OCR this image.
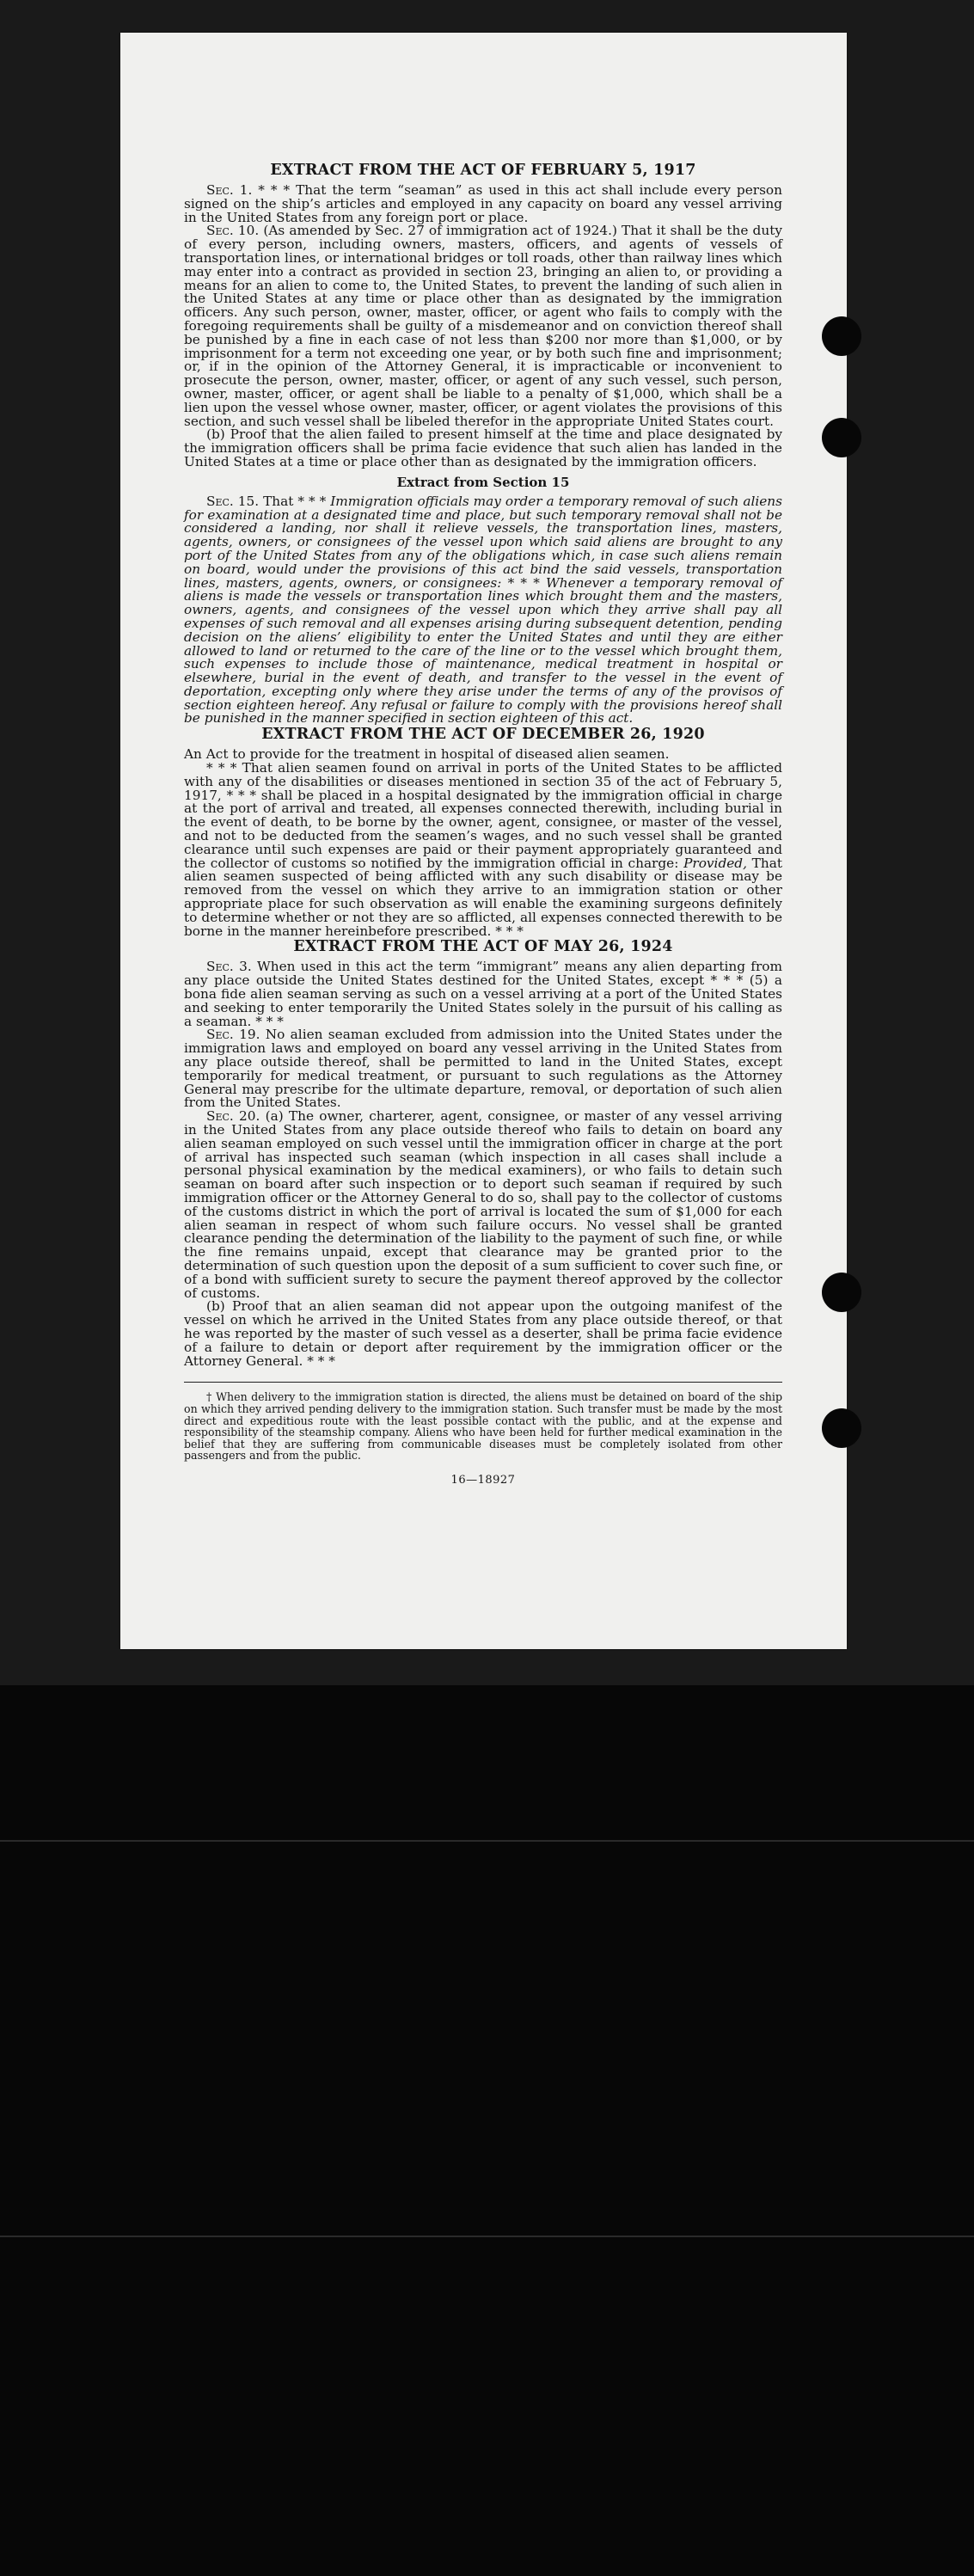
EXTRACT FROM THE ACT OF FEBRUARY 5, 1917

Sec. 1. * * * That the term “seaman” as used in this act shall include every person signed on the ship’s articles and employed in any capacity on board any vessel arriving in the United States from any foreign port or place.

Sec. 10. (As amended by Sec. 27 of immigration act of 1924.) That it shall be the duty of every person, including owners, masters, officers, and agents of vessels of transportation lines, or international bridges or toll roads, other than railway lines which may enter into a contract as provided in section 23, bringing an alien to, or providing a means for an alien to come to, the United States, to prevent the landing of such alien in the United States at any time or place other than as designated by the immigration officers. Any such person, owner, master, officer, or agent who fails to comply with the foregoing requirements shall be guilty of a misdemeanor and on conviction thereof shall be punished by a fine in each case of not less than $200 nor more than $1,000, or by imprisonment for a term not exceeding one year, or by both such fine and imprisonment; or, if in the opinion of the Attorney General, it is impracticable or inconvenient to prosecute the person, owner, master, officer, or agent of any such vessel, such person, owner, master, officer, or agent shall be liable to a penalty of $1,000, which shall be a lien upon the vessel whose owner, master, officer, or agent violates the provisions of this section, and such vessel shall be libeled therefor in the appropriate United States court.

(b) Proof that the alien failed to present himself at the time and place designated by the immigration officers shall be prima facie evidence that such alien has landed in the United States at a time or place other than as designated by the immigration officers.

Extract from Section 15

Sec. 15. That * * * Immigration officials may order a temporary removal of such aliens for examination at a designated time and place, but such temporary removal shall not be considered a landing, nor shall it relieve vessels, the transportation lines, masters, agents, owners, or consignees of the vessel upon which said aliens are brought to any port of the United States from any of the obligations which, in case such aliens remain on board, would under the provisions of this act bind the said vessels, transportation lines, masters, agents, owners, or consignees: * * * Whenever a temporary removal of aliens is made the vessels or transportation lines which brought them and the masters, owners, agents, and consignees of the vessel upon which they arrive shall pay all expenses of such removal and all expenses arising during subsequent detention, pending decision on the aliens’ eligibility to enter the United States and until they are either allowed to land or returned to the care of the line or to the vessel which brought them, such expenses to include those of maintenance, medical treatment in hospital or elsewhere, burial in the event of death, and transfer to the vessel in the event of deportation, excepting only where they arise under the terms of any of the provisos of section eighteen hereof. Any refusal or failure to comply with the provisions hereof shall be punished in the manner specified in section eighteen of this act.

EXTRACT FROM THE ACT OF DECEMBER 26, 1920

An Act to provide for the treatment in hospital of diseased alien seamen.

* * * That alien seamen found on arrival in ports of the United States to be afflicted with any of the disabilities or diseases mentioned in section 35 of the act of February 5, 1917, * * * shall be placed in a hospital designated by the immigration official in charge at the port of arrival and treated, all expenses connected therewith, including burial in the event of death, to be borne by the owner, agent, consignee, or master of the vessel, and not to be deducted from the seamen’s wages, and no such vessel shall be granted clearance until such expenses are paid or their payment appropriately guaranteed and the collector of customs so notified by the immigration official in charge: Provided, That alien seamen suspected of being afflicted with any such disability or disease may be removed from the vessel on which they arrive to an immigration station or other appropriate place for such observation as will enable the examining surgeons definitely to determine whether or not they are so afflicted, all expenses connected therewith to be borne in the manner hereinbefore prescribed. * * *

EXTRACT FROM THE ACT OF MAY 26, 1924

Sec. 3. When used in this act the term “immigrant” means any alien departing from any place outside the United States destined for the United States, except * * * (5) a bona fide alien seaman serving as such on a vessel arriving at a port of the United States and seeking to enter temporarily the United States solely in the pursuit of his calling as a seaman. * * *

Sec. 19. No alien seaman excluded from admission into the United States under the immigration laws and employed on board any vessel arriving in the United States from any place outside thereof, shall be permitted to land in the United States, except temporarily for medical treatment, or pursuant to such regulations as the Attorney General may prescribe for the ultimate departure, removal, or deportation of such alien from the United States.

Sec. 20. (a) The owner, charterer, agent, consignee, or master of any vessel arriving in the United States from any place outside thereof who fails to detain on board any alien seaman employed on such vessel until the immigration officer in charge at the port of arrival has inspected such seaman (which inspection in all cases shall include a personal physical examination by the medical examiners), or who fails to detain such seaman on board after such inspection or to deport such seaman if required by such immigration officer or the Attorney General to do so, shall pay to the collector of customs of the customs district in which the port of arrival is located the sum of $1,000 for each alien seaman in respect of whom such failure occurs. No vessel shall be granted clearance pending the determination of the liability to the payment of such fine, or while the fine remains unpaid, except that clearance may be granted prior to the determination of such question upon the deposit of a sum sufficient to cover such fine, or of a bond with sufficient surety to secure the payment thereof approved by the collector of customs.

(b) Proof that an alien seaman did not appear upon the outgoing manifest of the vessel on which he arrived in the United States from any place outside thereof, or that he was reported by the master of such vessel as a deserter, shall be prima facie evidence of a failure to detain or deport after requirement by the immigration officer or the Attorney General. * * *

† When delivery to the immigration station is directed, the aliens must be detained on board of the ship on which they arrived pending delivery to the immigration station. Such transfer must be made by the most direct and expeditious route with the least possible contact with the public, and at the expense and responsibility of the steamship company. Aliens who have been held for further medical examination in the belief that they are suffering from communicable diseases must be completely isolated from other passengers and from the public.

16—18927
